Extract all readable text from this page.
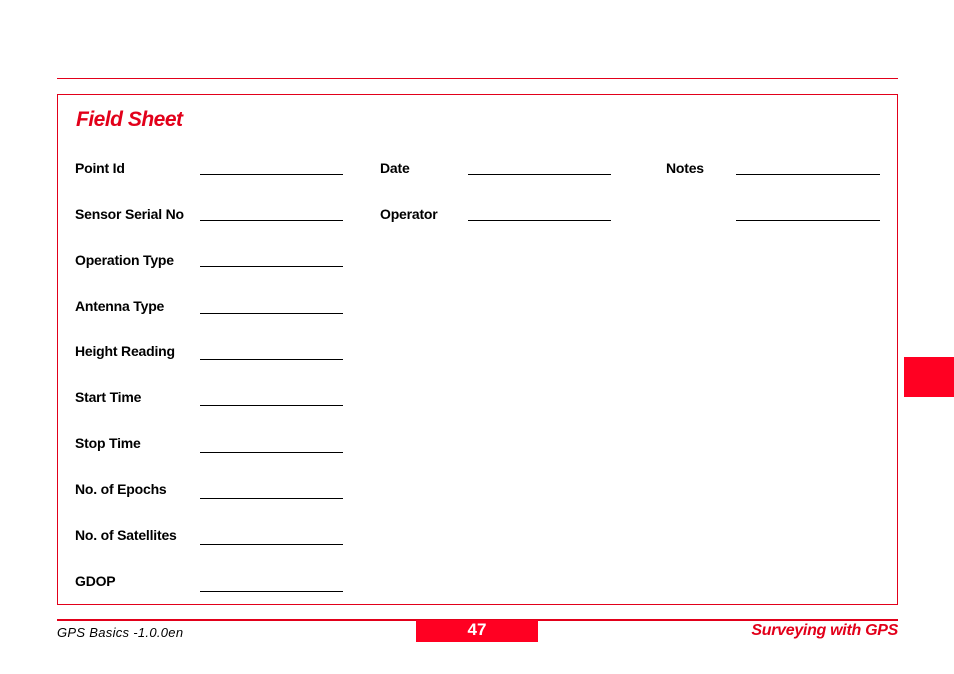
Field Sheet
Point Id
Sensor Serial No
Operation Type
Antenna Type
Height Reading
Start Time
Stop Time
No. of Epochs
No. of Satellites
GDOP
Date
Operator
Notes
GPS Basics -1.0.0en	47	Surveying with GPS
